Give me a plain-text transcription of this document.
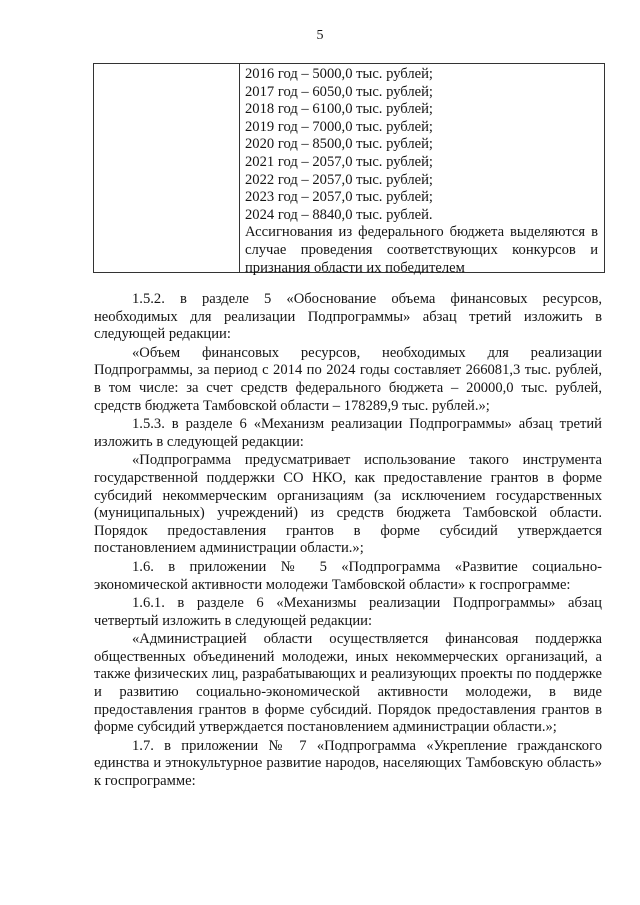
5
2016 год – 5000,0 тыс. рублей;
2017 год – 6050,0 тыс. рублей;
2018 год – 6100,0 тыс. рублей;
2019 год – 7000,0 тыс. рублей;
2020 год – 8500,0 тыс. рублей;
2021 год – 2057,0 тыс. рублей;
2022 год – 2057,0 тыс. рублей;
2023 год – 2057,0 тыс. рублей;
2024 год – 8840,0 тыс. рублей.
Ассигнования из федерального бюджета выделяются в случае проведения соответствующих конкурсов и признания области их победителем

1.5.2. в разделе 5 «Обоснование объема финансовых ресурсов, необходимых для реализации Подпрограммы» абзац третий изложить в следующей редакции:

«Объем финансовых ресурсов, необходимых для реализации Подпрограммы, за период с 2014 по 2024 годы составляет 266081,3 тыс. рублей, в том числе: за счет средств федерального бюджета – 20000,0 тыс. рублей, средств бюджета Тамбовской области – 178289,9 тыс. рублей.»;

1.5.3. в разделе 6 «Механизм реализации Подпрограммы» абзац третий изложить в следующей редакции:

«Подпрограмма предусматривает использование такого инструмента государственной поддержки СО НКО, как предоставление грантов в форме субсидий некоммерческим организациям (за исключением государственных (муниципальных) учреждений) из средств бюджета Тамбовской области. Порядок предоставления грантов в форме субсидий утверждается постановлением администрации области.»;

1.6. в приложении № 5 «Подпрограмма «Развитие социально-экономической активности молодежи Тамбовской области» к госпрограмме:

1.6.1. в разделе 6 «Механизмы реализации Подпрограммы» абзац четвертый изложить в следующей редакции:

«Администрацией области осуществляется финансовая поддержка общественных объединений молодежи, иных некоммерческих организаций, а также физических лиц, разрабатывающих и реализующих проекты по поддержке и развитию социально-экономической активности молодежи, в виде предоставления грантов в форме субсидий. Порядок предоставления грантов в форме субсидий утверждается постановлением администрации области.»;

1.7. в приложении № 7 «Подпрограмма «Укрепление гражданского единства и этнокультурное развитие народов, населяющих Тамбовскую область» к госпрограмме:
